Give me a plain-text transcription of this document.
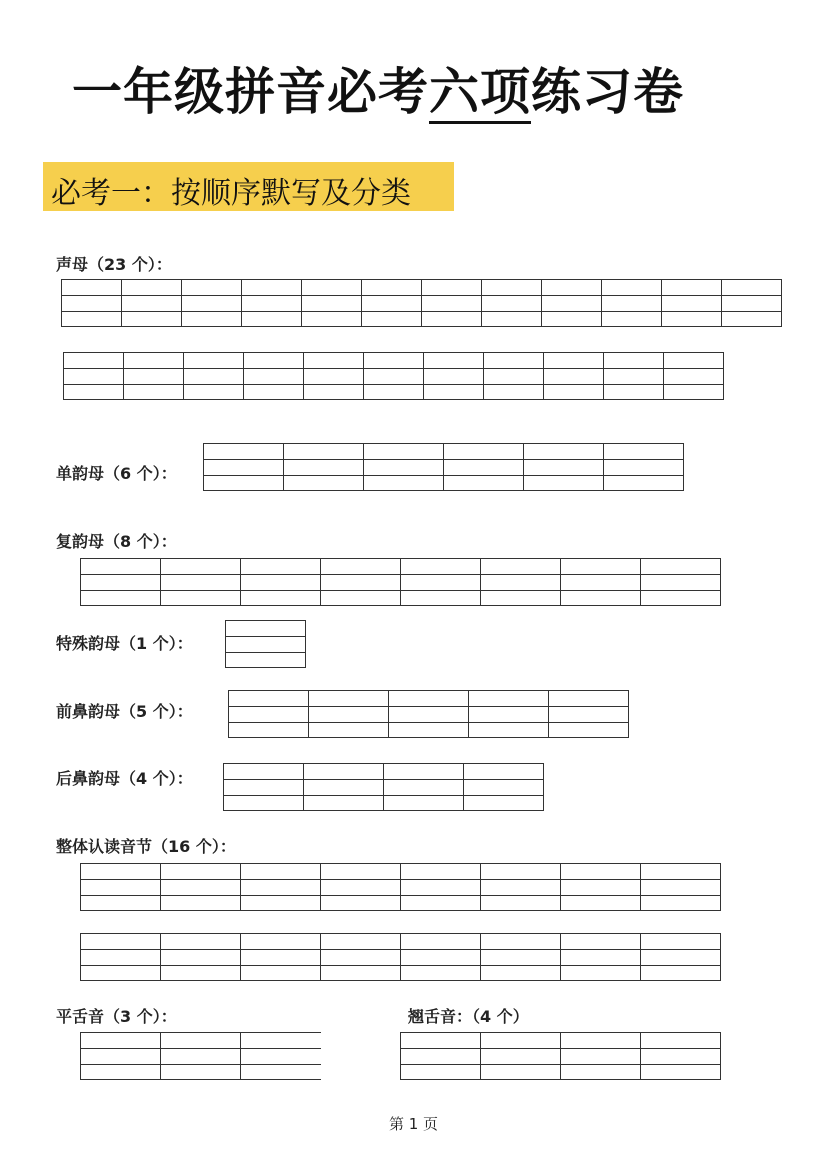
一年级拼音必考六项练习卷
必考一：按顺序默写及分类
声母（23 个）：
单韵母（6 个）：
复韵母（8 个）：
特殊韵母（1 个）：
前鼻韵母（5 个）：
后鼻韵母（4 个）：
整体认读音节（16 个）：
平舌音（3 个）：	翘舌音：（4 个）
第 1 页
